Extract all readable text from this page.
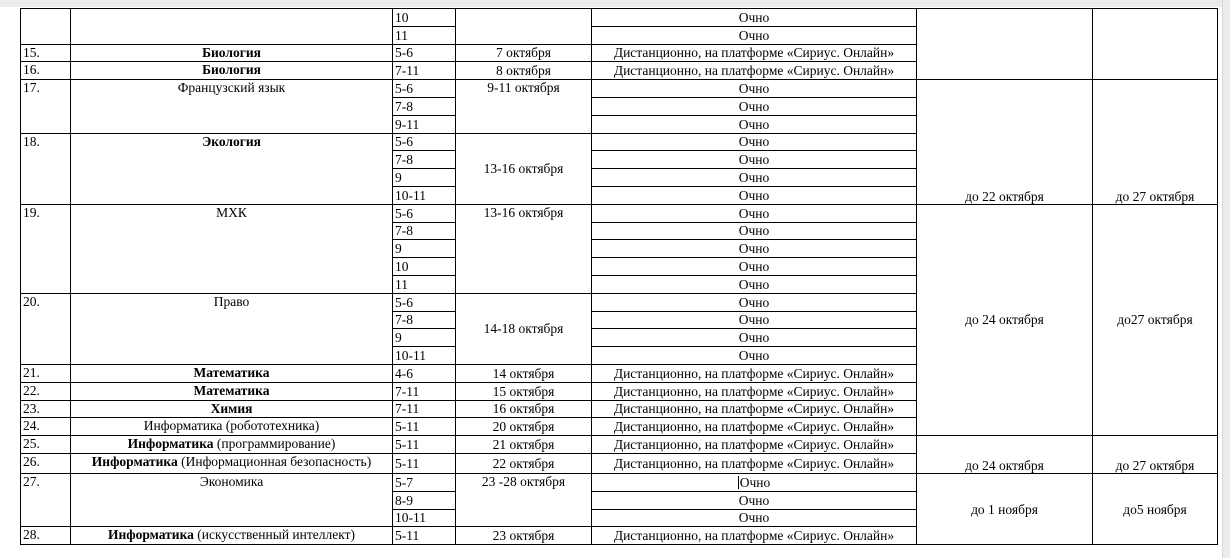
		10		Очно		
		11		Очно		
15.	Биология	5-6	7 октября	Дистанционно, на платформе «Сириус. Онлайн»		
16.	Биология	7-11	8 октября	Дистанционно, на платформе «Сириус. Онлайн»		
17.	Французский язык	5-6	9-11 октября	Очно	до 22 октября	до 27 октября
		7-8		Очно		
		9-11		Очно		
18.	Экология	5-6	13-16 октября	Очно		
		7-8		Очно		
		9		Очно		
		10-11		Очно		
19.	МХК	5-6	13-16 октября	Очно	до 24 октября	до27 октября
		7-8		Очно		
		9		Очно		
		10		Очно		
		11		Очно		
20.	Право	5-6	14-18 октября	Очно		
		7-8		Очно		
		9		Очно		
		10-11		Очно		
21.	Математика	4-6	14 октября	Дистанционно, на платформе «Сириус. Онлайн»		
22.	Математика	7-11	15 октября	Дистанционно, на платформе «Сириус. Онлайн»		
23.	Химия	7-11	16 октября	Дистанционно, на платформе «Сириус. Онлайн»		
24.	Информатика (робототехника)	5-11	20 октября	Дистанционно, на платформе «Сириус. Онлайн»		
25.	Информатика (программирование)	5-11	21 октября	Дистанционно, на платформе «Сириус. Онлайн»	до 24 октября	до 27 октября
26.	Информатика (Информационная безопасность)	5-11	22 октября	Дистанционно, на платформе «Сириус. Онлайн»		
27.	Экономика	5-7	23 -28 октября	Очно	до 1 ноября	до5 ноября
		8-9		Очно		
		10-11		Очно		
28.	Информатика (искусственный интеллект)	5-11	23 октября	Дистанционно, на платформе «Сириус. Онлайн»		
